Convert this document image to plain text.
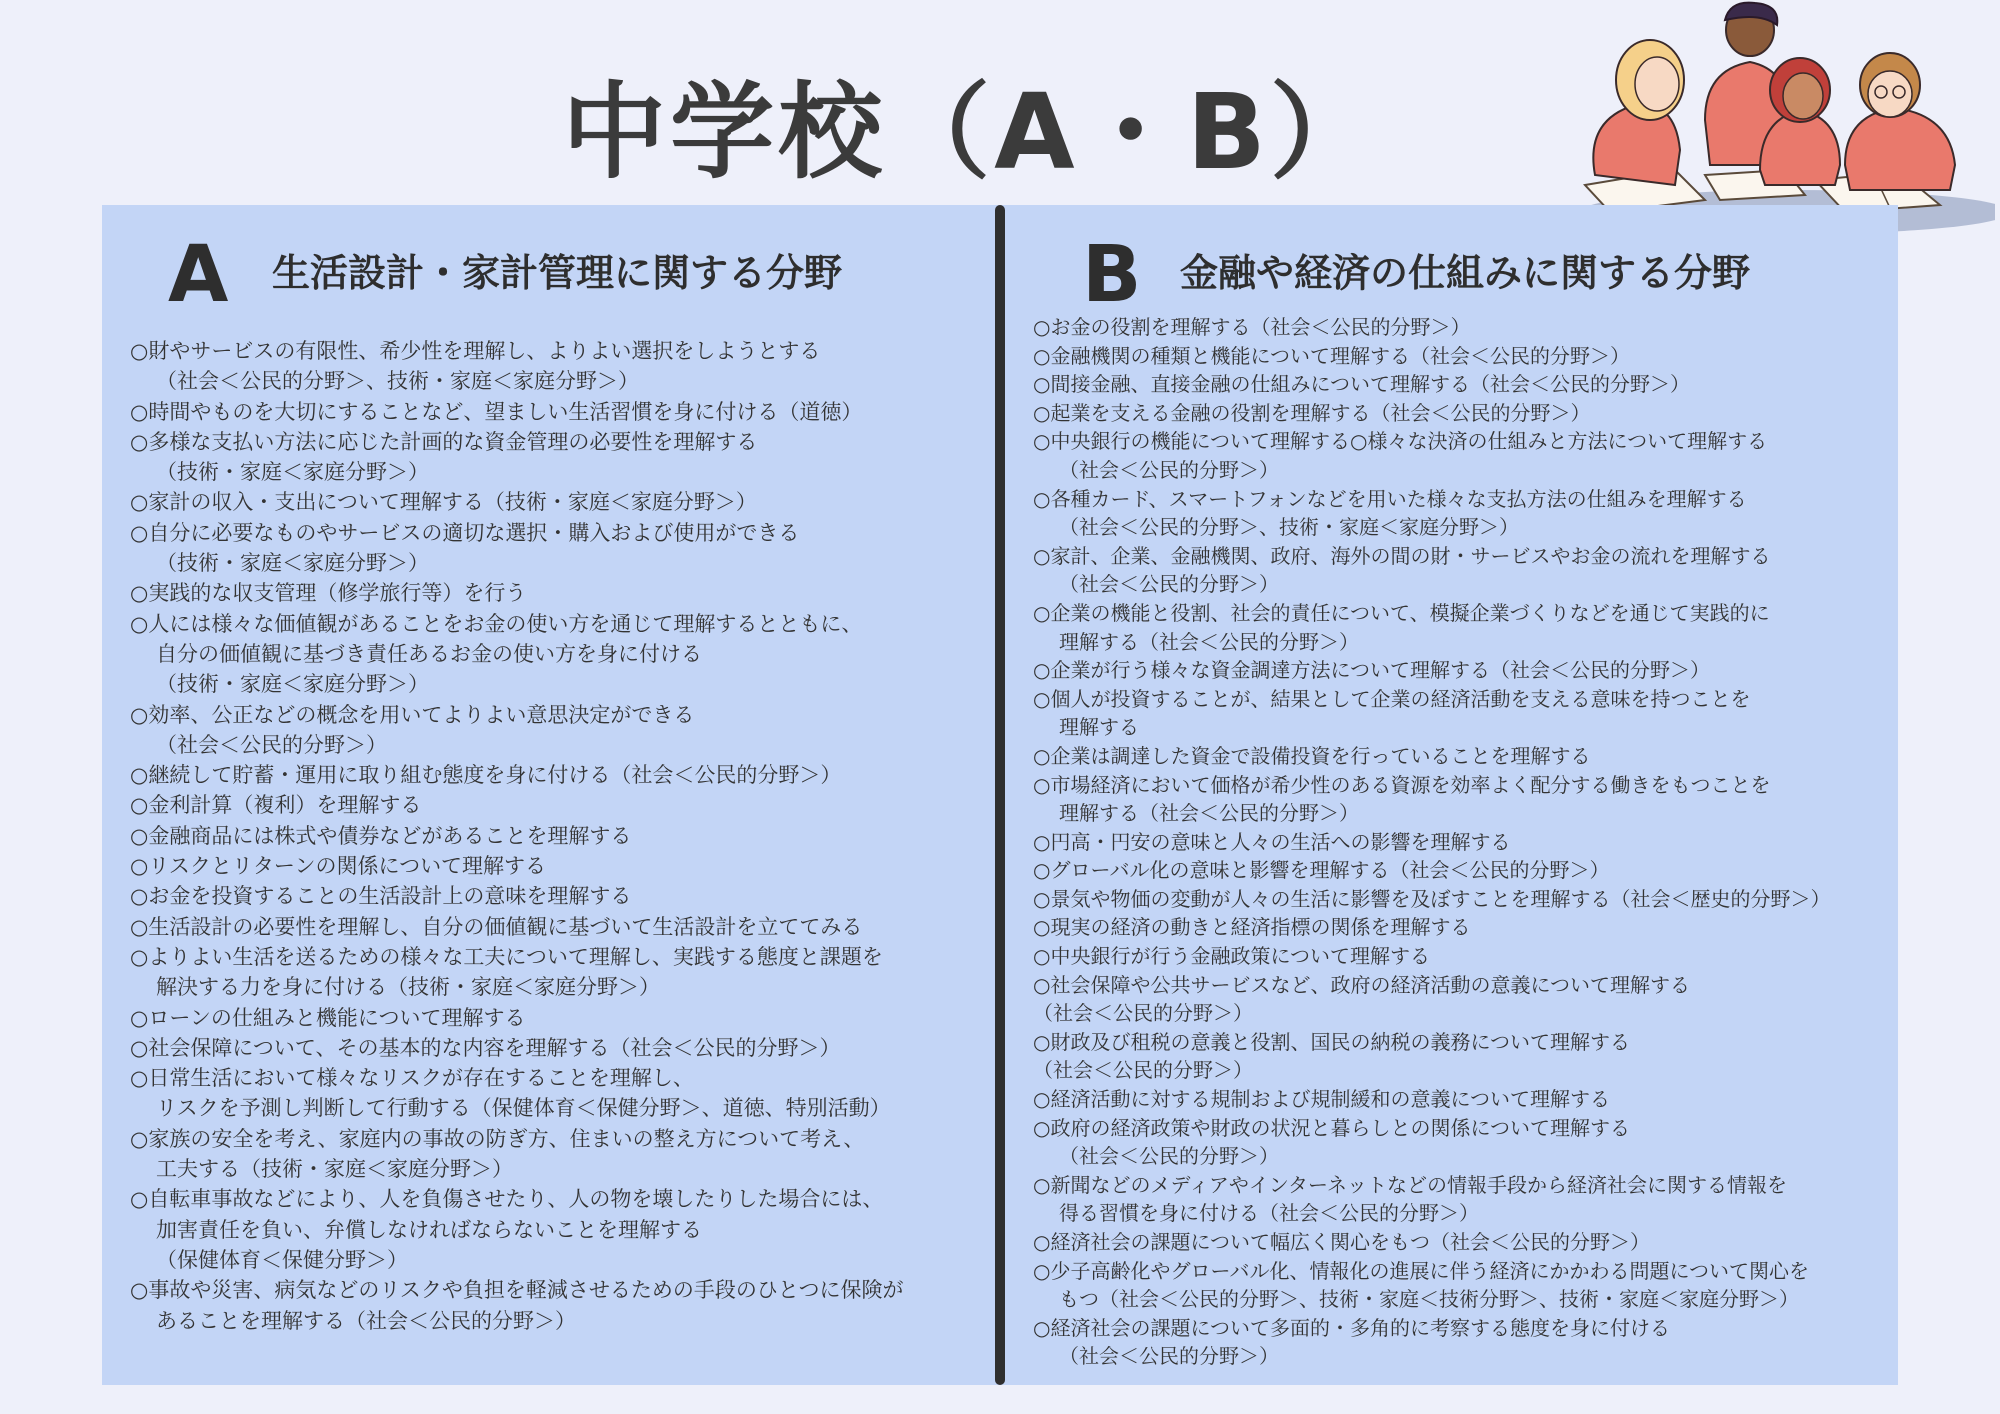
中学校（A・B）
A 生活設計・家計管理に関する分野
○財やサービスの有限性、希少性を理解し、よりよい選択をしようとする
（社会＜公民的分野＞、技術・家庭＜家庭分野＞）
○時間やものを大切にすることなど、望ましい生活習慣を身に付ける（道徳）
○多様な支払い方法に応じた計画的な資金管理の必要性を理解する
（技術・家庭＜家庭分野＞）
○家計の収入・支出について理解する（技術・家庭＜家庭分野＞）
○自分に必要なものやサービスの適切な選択・購入および使用ができる
（技術・家庭＜家庭分野＞）
○実践的な収支管理（修学旅行等）を行う
○人には様々な価値観があることをお金の使い方を通じて理解するとともに、
自分の価値観に基づき責任あるお金の使い方を身に付ける
（技術・家庭＜家庭分野＞）
○効率、公正などの概念を用いてよりよい意思決定ができる
（社会＜公民的分野＞）
○継続して貯蓄・運用に取り組む態度を身に付ける（社会＜公民的分野＞）
○金利計算（複利）を理解する
○金融商品には株式や債券などがあることを理解する
○リスクとリターンの関係について理解する
○お金を投資することの生活設計上の意味を理解する
○生活設計の必要性を理解し、自分の価値観に基づいて生活設計を立ててみる
○よりよい生活を送るための様々な工夫について理解し、実践する態度と課題を
解決する力を身に付ける（技術・家庭＜家庭分野＞）
○ローンの仕組みと機能について理解する
○社会保障について、その基本的な内容を理解する（社会＜公民的分野＞）
○日常生活において様々なリスクが存在することを理解し、
リスクを予測し判断して行動する（保健体育＜保健分野＞、道徳、特別活動）
○家族の安全を考え、家庭内の事故の防ぎ方、住まいの整え方について考え、
工夫する（技術・家庭＜家庭分野＞）
○自転車事故などにより、人を負傷させたり、人の物を壊したりした場合には、
加害責任を負い、弁償しなければならないことを理解する
（保健体育＜保健分野＞）
○事故や災害、病気などのリスクや負担を軽減させるための手段のひとつに保険が
あることを理解する（社会＜公民的分野＞）
B 金融や経済の仕組みに関する分野
○お金の役割を理解する（社会＜公民的分野＞）
○金融機関の種類と機能について理解する（社会＜公民的分野＞）
○間接金融、直接金融の仕組みについて理解する（社会＜公民的分野＞）
○起業を支える金融の役割を理解する（社会＜公民的分野＞）
○中央銀行の機能について理解する○様々な決済の仕組みと方法について理解する
（社会＜公民的分野＞）
○各種カード、スマートフォンなどを用いた様々な支払方法の仕組みを理解する
（社会＜公民的分野＞、技術・家庭＜家庭分野＞）
○家計、企業、金融機関、政府、海外の間の財・サービスやお金の流れを理解する
（社会＜公民的分野＞）
○企業の機能と役割、社会的責任について、模擬企業づくりなどを通じて実践的に
理解する（社会＜公民的分野＞）
○企業が行う様々な資金調達方法について理解する（社会＜公民的分野＞）
○個人が投資することが、結果として企業の経済活動を支える意味を持つことを
理解する
○企業は調達した資金で設備投資を行っていることを理解する
○市場経済において価格が希少性のある資源を効率よく配分する働きをもつことを
理解する（社会＜公民的分野＞）
○円高・円安の意味と人々の生活への影響を理解する
○グローバル化の意味と影響を理解する（社会＜公民的分野＞）
○景気や物価の変動が人々の生活に影響を及ぼすことを理解する（社会＜歴史的分野＞）
○現実の経済の動きと経済指標の関係を理解する
○中央銀行が行う金融政策について理解する
○社会保障や公共サービスなど、政府の経済活動の意義について理解する
（社会＜公民的分野＞）
○財政及び租税の意義と役割、国民の納税の義務について理解する
（社会＜公民的分野＞）
○経済活動に対する規制および規制緩和の意義について理解する
○政府の経済政策や財政の状況と暮らしとの関係について理解する
（社会＜公民的分野＞）
○新聞などのメディアやインターネットなどの情報手段から経済社会に関する情報を
得る習慣を身に付ける（社会＜公民的分野＞）
○経済社会の課題について幅広く関心をもつ（社会＜公民的分野＞）
○少子高齢化やグローバル化、情報化の進展に伴う経済にかかわる問題について関心を
もつ（社会＜公民的分野＞、技術・家庭＜技術分野＞、技術・家庭＜家庭分野＞）
○経済社会の課題について多面的・多角的に考察する態度を身に付ける
（社会＜公民的分野＞）
